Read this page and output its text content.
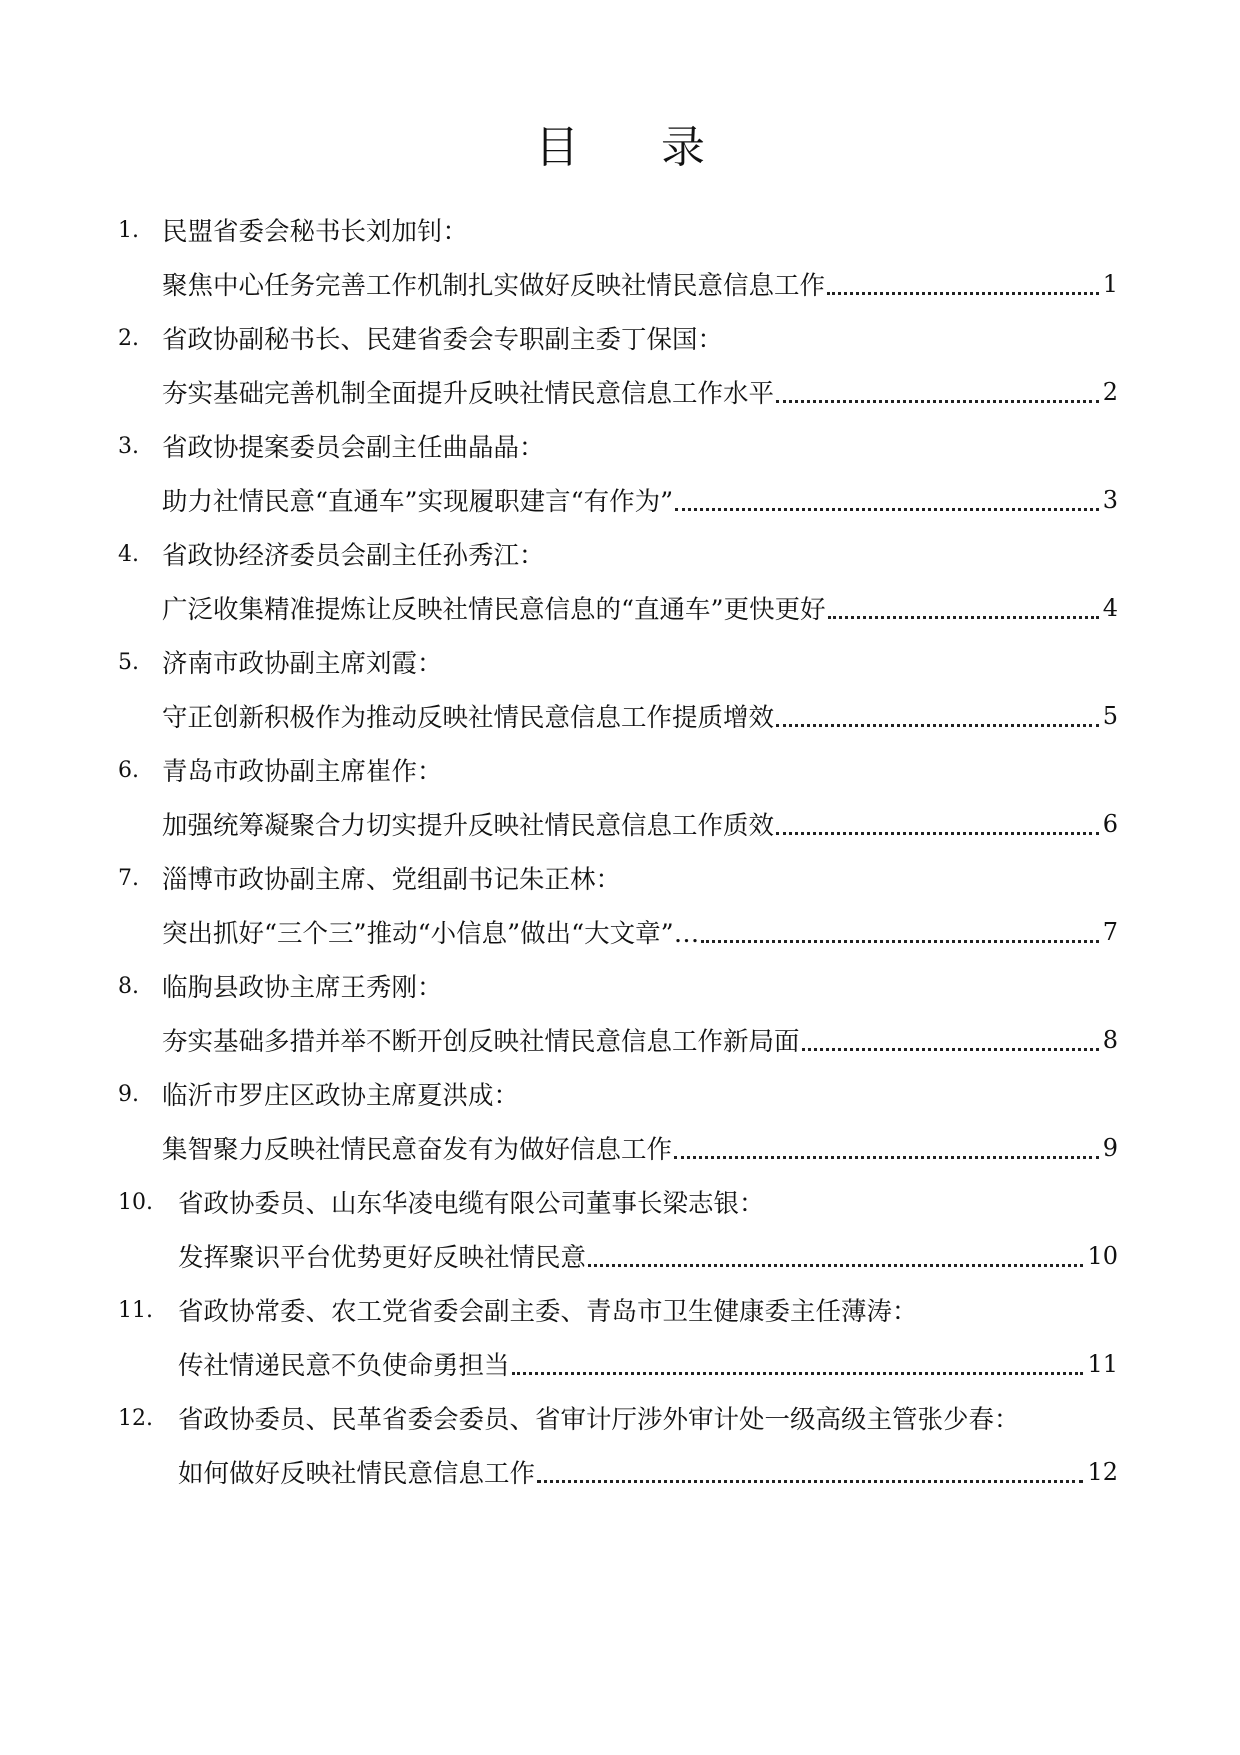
目 录
1. 民盟省委会秘书长刘加钊：
聚焦中心任务完善工作机制扎实做好反映社情民意信息工作	1
2. 省政协副秘书长、民建省委会专职副主委丁保国：
夯实基础完善机制全面提升反映社情民意信息工作水平	2
3. 省政协提案委员会副主任曲晶晶：
助力社情民意“直通车”实现履职建言“有作为”	3
4. 省政协经济委员会副主任孙秀江：
广泛收集精准提炼让反映社情民意信息的“直通车”更快更好	4
5. 济南市政协副主席刘霞：
守正创新积极作为推动反映社情民意信息工作提质增效	5
6. 青岛市政协副主席崔作：
加强统筹凝聚合力切实提升反映社情民意信息工作质效	6
7. 淄博市政协副主席、党组副书记朱正林：
突出抓好“三个三”推动“小信息”做出“大文章”…	7
8. 临朐县政协主席王秀刚：
夯实基础多措并举不断开创反映社情民意信息工作新局面	8
9. 临沂市罗庄区政协主席夏洪成：
集智聚力反映社情民意奋发有为做好信息工作	9
10. 省政协委员、山东华凌电缆有限公司董事长梁志银：
发挥聚识平台优势更好反映社情民意	10
11. 省政协常委、农工党省委会副主委、青岛市卫生健康委主任薄涛：
传社情递民意不负使命勇担当	11
12. 省政协委员、民革省委会委员、省审计厅涉外审计处一级高级主管张少春：
如何做好反映社情民意信息工作	12
